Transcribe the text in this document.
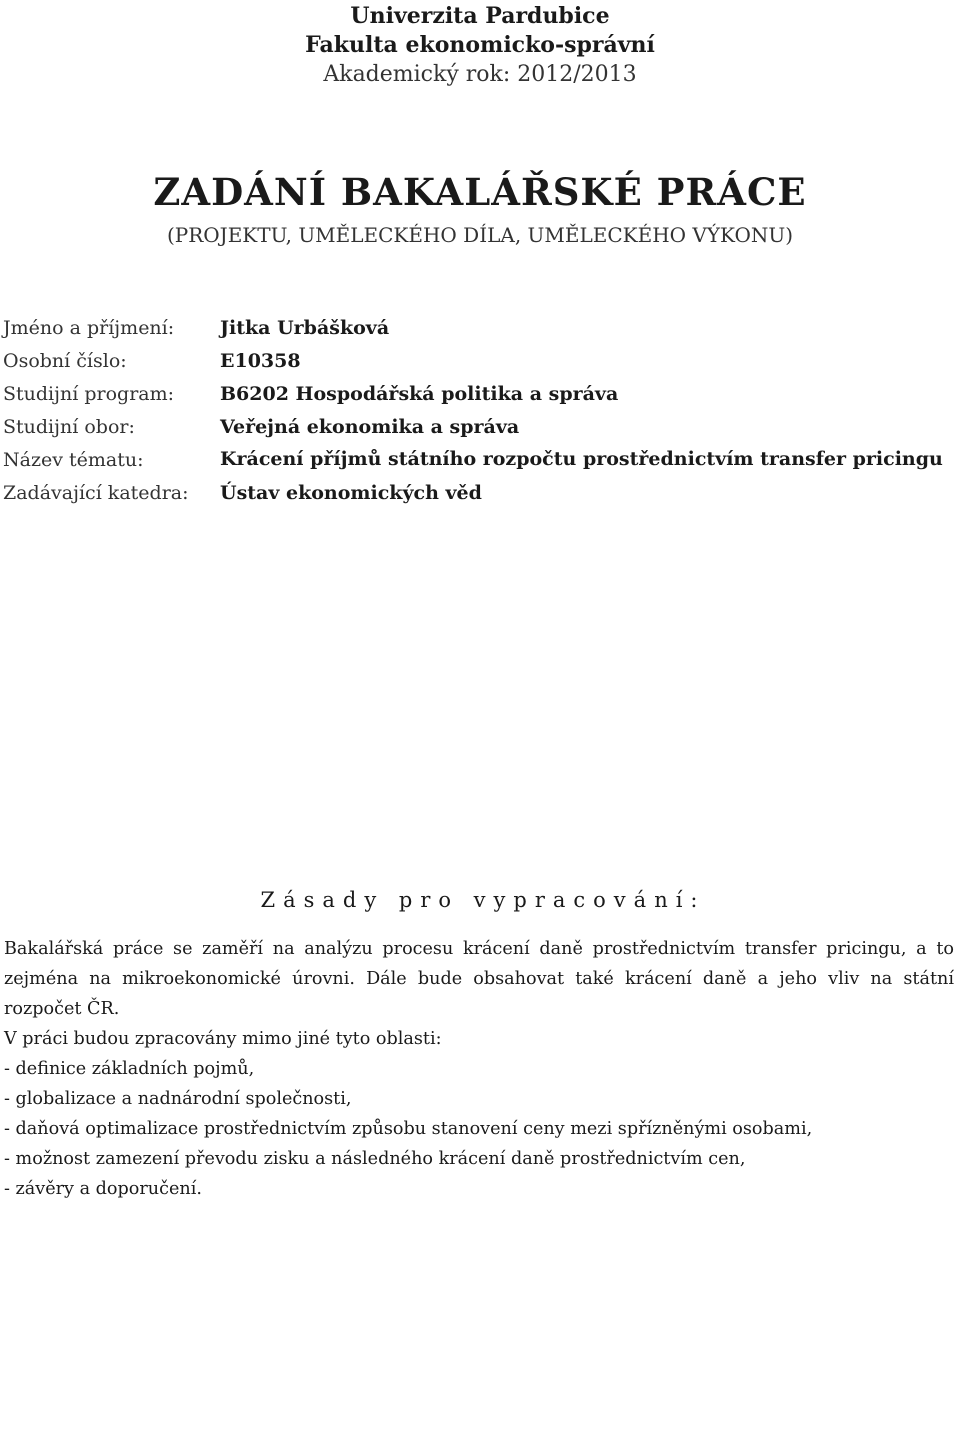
Univerzita Pardubice
Fakulta ekonomicko-správní
Akademický rok: 2012/2013
ZADÁNÍ BAKALÁŘSKÉ PRÁCE
(PROJEKTU, UMĚLECKÉHO DÍLA, UMĚLECKÉHO VÝKONU)
Jméno a příjmení:	Jitka Urbášková
Osobní číslo:	E10358
Studijní program:	B6202 Hospodářská politika a správa
Studijní obor:	Veřejná ekonomika a správa
Název tématu:	Krácení příjmů státního rozpočtu prostřednictvím transfer pricingu
Zadávající katedra:	Ústav ekonomických věd
Zásady pro vypracování:

Bakalářská práce se zaměří na analýzu procesu krácení daně prostřednictvím transfer pricingu, a to zejména na mikroekonomické úrovni. Dále bude obsahovat také krácení daně a jeho vliv na státní rozpočet ČR.

V práci budou zpracovány mimo jiné tyto oblasti:

- definice základních pojmů,
- globalizace a nadnárodní společnosti,
- daňová optimalizace prostřednictvím způsobu stanovení ceny mezi spřízněnými osobami,
- možnost zamezení převodu zisku a následného krácení daně prostřednictvím cen,
- závěry a doporučení.
